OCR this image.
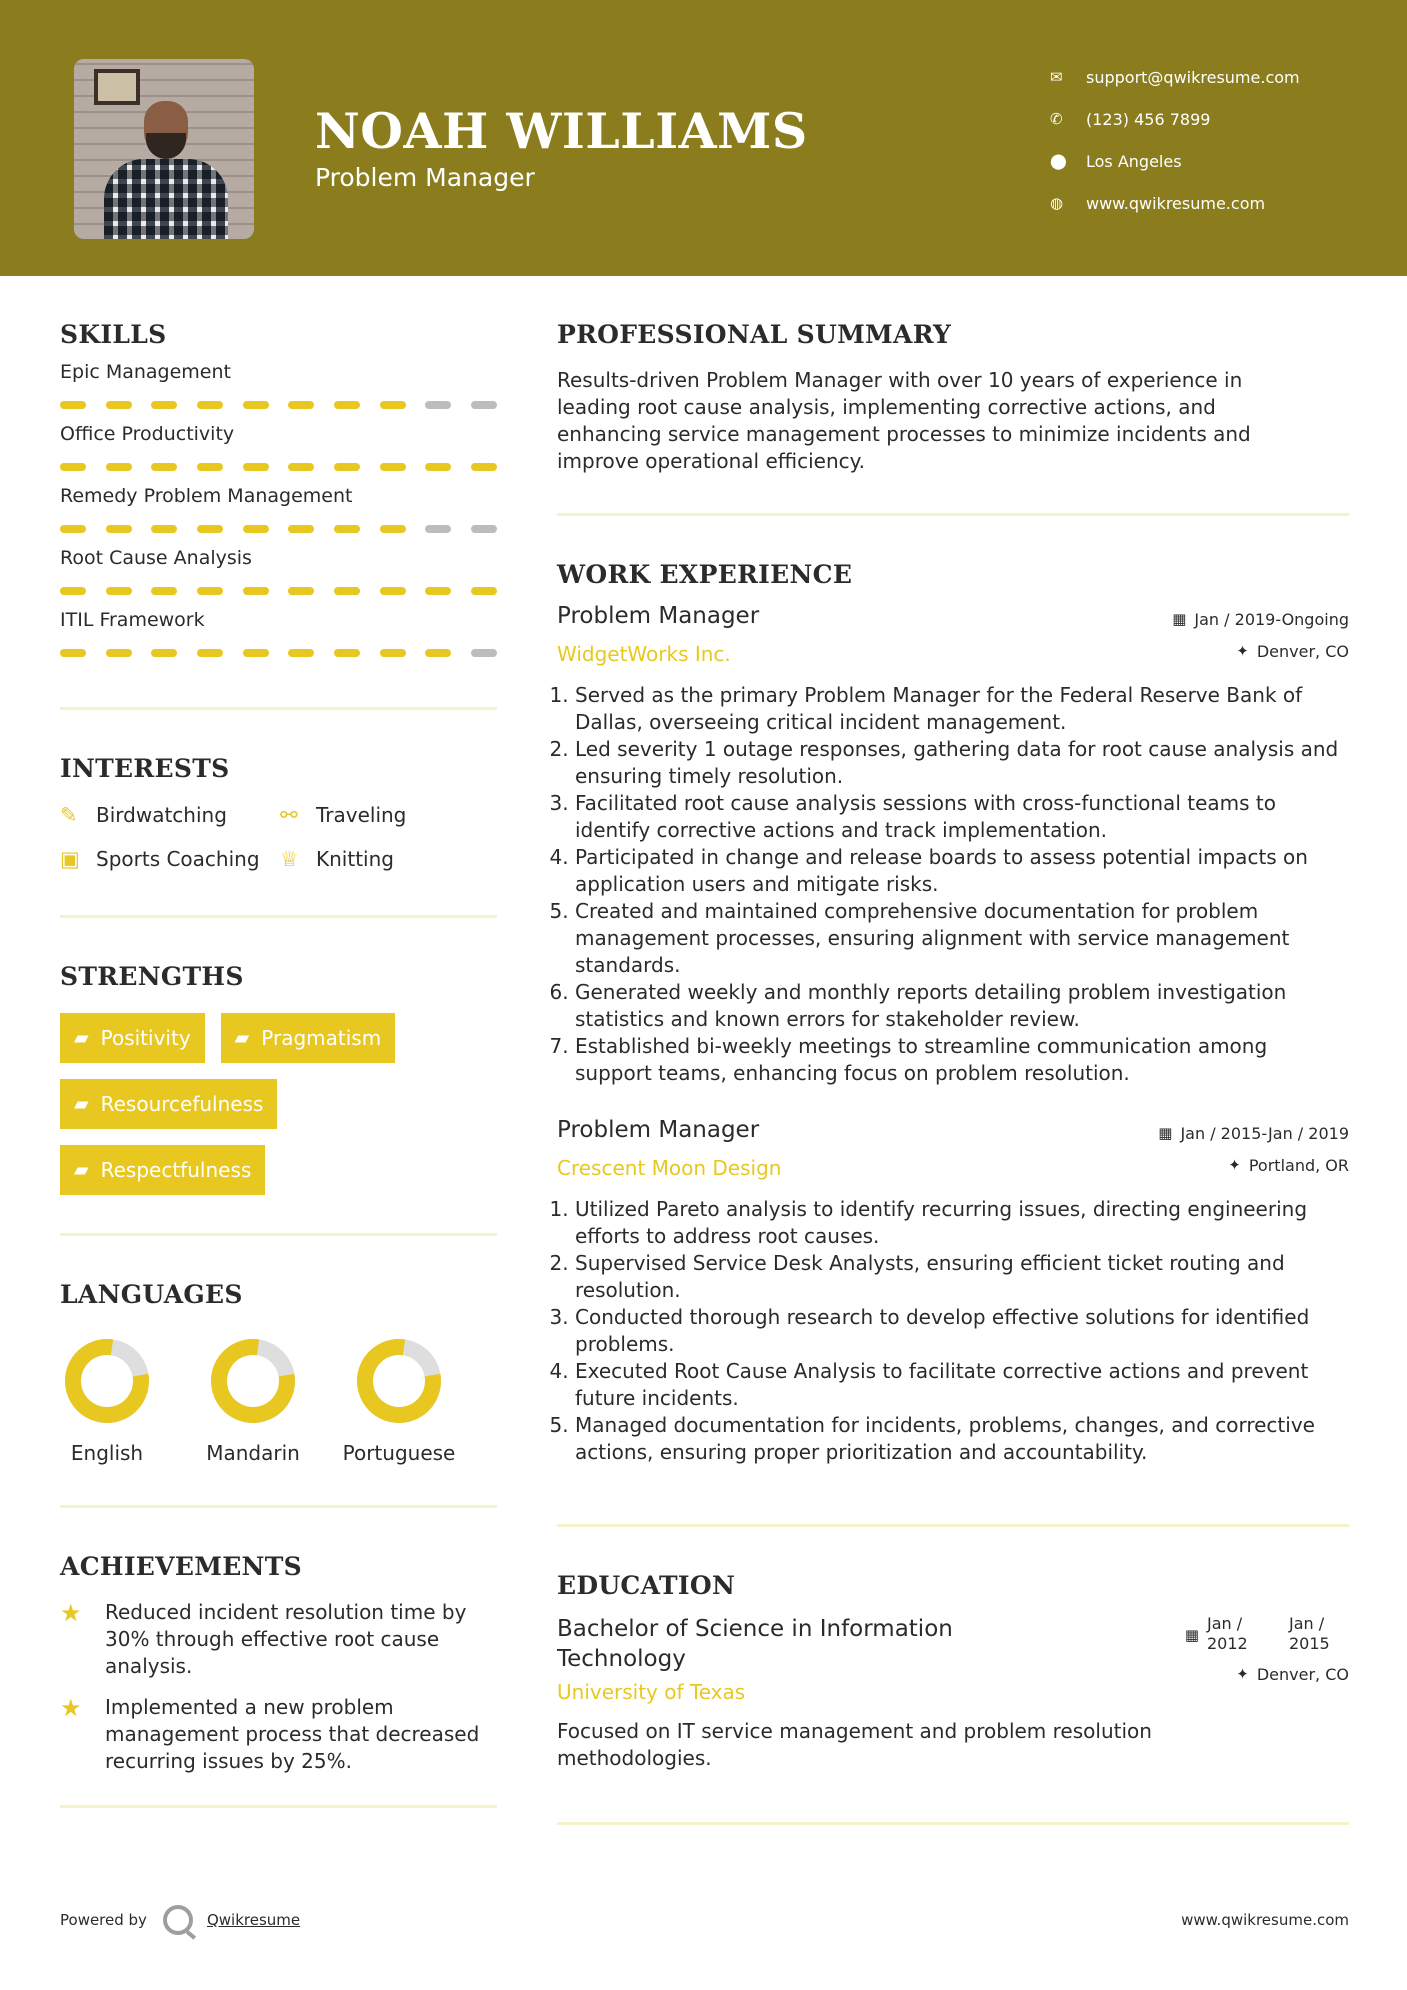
NOAH WILLIAMS
Problem Manager
✉	support@qwikresume.com
✆	(123) 456 7899
⬤	Los Angeles
◍	www.qwikresume.com
SKILLS
Epic Management
Office Productivity
Remedy Problem Management
Root Cause Analysis
ITIL Framework
INTERESTS
✎ Birdwatching	⚯ Traveling
▣ Sports Coaching ♕ Knitting
STRENGTHS
▰ Positivity ▰ Pragmatism
▰ Resourcefulness
▰ Respectfulness
LANGUAGES
English	Mandarin	Portuguese
ACHIEVEMENTS
★	Reduced incident resolution time by 30% through effective root cause analysis.
★	Implemented a new problem management process that decreased recurring issues by 25%.
PROFESSIONAL SUMMARY
Results-driven Problem Manager with over 10 years of experience in leading root cause analysis, implementing corrective actions, and enhancing service management processes to minimize incidents and improve operational efficiency.
WORK EXPERIENCE
Problem Manager
WidgetWorks Inc.
▦ Jan / 2019-Ongoing
✦ Denver, CO
1. Served as the primary Problem Manager for the Federal Reserve Bank of Dallas, overseeing critical incident management.
2. Led severity 1 outage responses, gathering data for root cause analysis and ensuring timely resolution.
3. Facilitated root cause analysis sessions with cross-functional teams to identify corrective actions and track implementation.
4. Participated in change and release boards to assess potential impacts on application users and mitigate risks.
5. Created and maintained comprehensive documentation for problem management processes, ensuring alignment with service management standards.
6. Generated weekly and monthly reports detailing problem investigation statistics and known errors for stakeholder review.
7. Established bi-weekly meetings to streamline communication among support teams, enhancing focus on problem resolution.
Problem Manager
Crescent Moon Design
▦ Jan / 2015-Jan / 2019
✦ Portland, OR
1. Utilized Pareto analysis to identify recurring issues, directing engineering efforts to address root causes.
2. Supervised Service Desk Analysts, ensuring efficient ticket routing and resolution.
3. Conducted thorough research to develop effective solutions for identified problems.
4. Executed Root Cause Analysis to facilitate corrective actions and prevent future incidents.
5. Managed documentation for incidents, problems, changes, and corrective actions, ensuring proper prioritization and accountability.
EDUCATION
Bachelor of Science in Information Technology
University of Texas
▦
Jan / 2012
Jan / 2015
✦ Denver, CO
Focused on IT service management and problem resolution methodologies.
Powered by	Qwikresume	www.qwikresume.com
